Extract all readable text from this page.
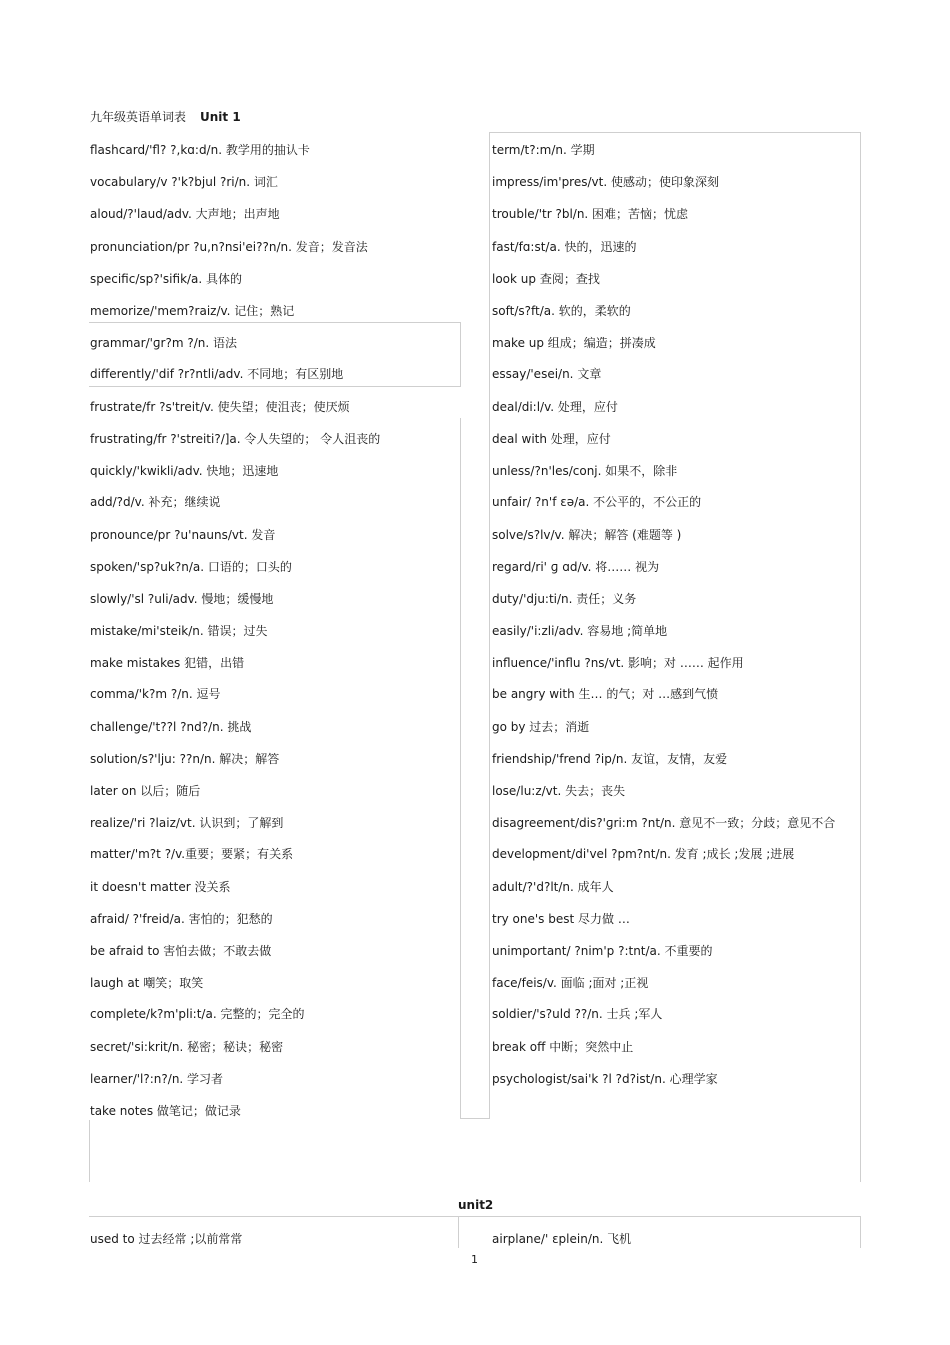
九年级英语单词表 Unit 1
flashcard/'fl? ?,kɑ:d/n. 教学用的抽认卡
vocabulary/v ?'k?bjul ?ri/n. 词汇
aloud/?'laud/adv. 大声地；出声地
pronunciation/pr ?u,n?nsi'ei??n/n. 发音；发音法
specific/sp?'sifik/a. 具体的
memorize/'mem?raiz/v. 记住；熟记
grammar/'ɡr?m ?/n. 语法
differently/'dif ?r?ntli/adv. 不同地；有区别地
frustrate/fr ?s'treit/v. 使失望；使沮丧；使厌烦
frustrating/fr ?'streiti?/]a. 令人失望的； 令人沮丧的
quickly/'kwikli/adv. 快地；迅速地
add/?d/v. 补充；继续说
pronounce/pr ?u'nauns/vt. 发音
spoken/'sp?uk?n/a. 口语的；口头的
slowly/'sl ?uli/adv. 慢地；缓慢地
mistake/mi'steik/n. 错误；过失
make mistakes 犯错，出错
comma/'k?m ?/n. 逗号
challenge/'t??l ?nd?/n. 挑战
solution/s?'lju: ??n/n. 解决；解答
later on 以后；随后
realize/'ri ?laiz/vt. 认识到；了解到
matter/'m?t ?/v.重要；要紧；有关系
it doesn't matter 没关系
afraid/ ?'freid/a. 害怕的；犯愁的
be afraid to 害怕去做；不敢去做
laugh at 嘲笑；取笑
complete/k?m'pli:t/a. 完整的；完全的
secret/'si:krit/n. 秘密；秘诀；秘密
learner/'l?:n?/n. 学习者
take notes 做笔记；做记录
term/t?:m/n. 学期
impress/im'pres/vt. 使感动；使印象深刻
trouble/'tr ?bl/n. 困难；苦恼；忧虑
fast/fɑ:st/a. 快的，迅速的
look up 查阅；查找
soft/s?ft/a. 软的，柔软的
make up 组成；编造；拼凑成
essay/'esei/n. 文章
deal/di:l/v. 处理，应付
deal with 处理，应付
unless/?n'les/conj. 如果不，除非
unfair/ ?n'f ɛə/a. 不公平的，不公正的
solve/s?lv/v. 解决；解答 (难题等 )
regard/ri' ɡ ɑd/v. 将…… 视为
duty/'dju:ti/n. 责任；义务
easily/'i:zli/adv. 容易地 ;简单地
influence/'influ ?ns/vt. 影响；对 …… 起作用
be angry with 生… 的气；对 …感到气愤
go by 过去；消逝
friendship/'frend ?ip/n. 友谊，友情，友爱
lose/lu:z/vt. 失去；丧失
disagreement/dis?'ɡri:m ?nt/n. 意见不一致；分歧；意见不合
development/di'vel ?pm?nt/n. 发育 ;成长 ;发展 ;进展
adult/?'d?lt/n. 成年人
try one's best 尽力做 …
unimportant/ ?nim'p ?:tnt/a. 不重要的
face/feis/v. 面临 ;面对 ;正视
soldier/'s?uld ??/n. 士兵 ;军人
break off 中断；突然中止
psychologist/sai'k ?l ?d?ist/n. 心理学家
unit2
used to 过去经常 ;以前常常	airplane/' ɛplein/n. 飞机
1
